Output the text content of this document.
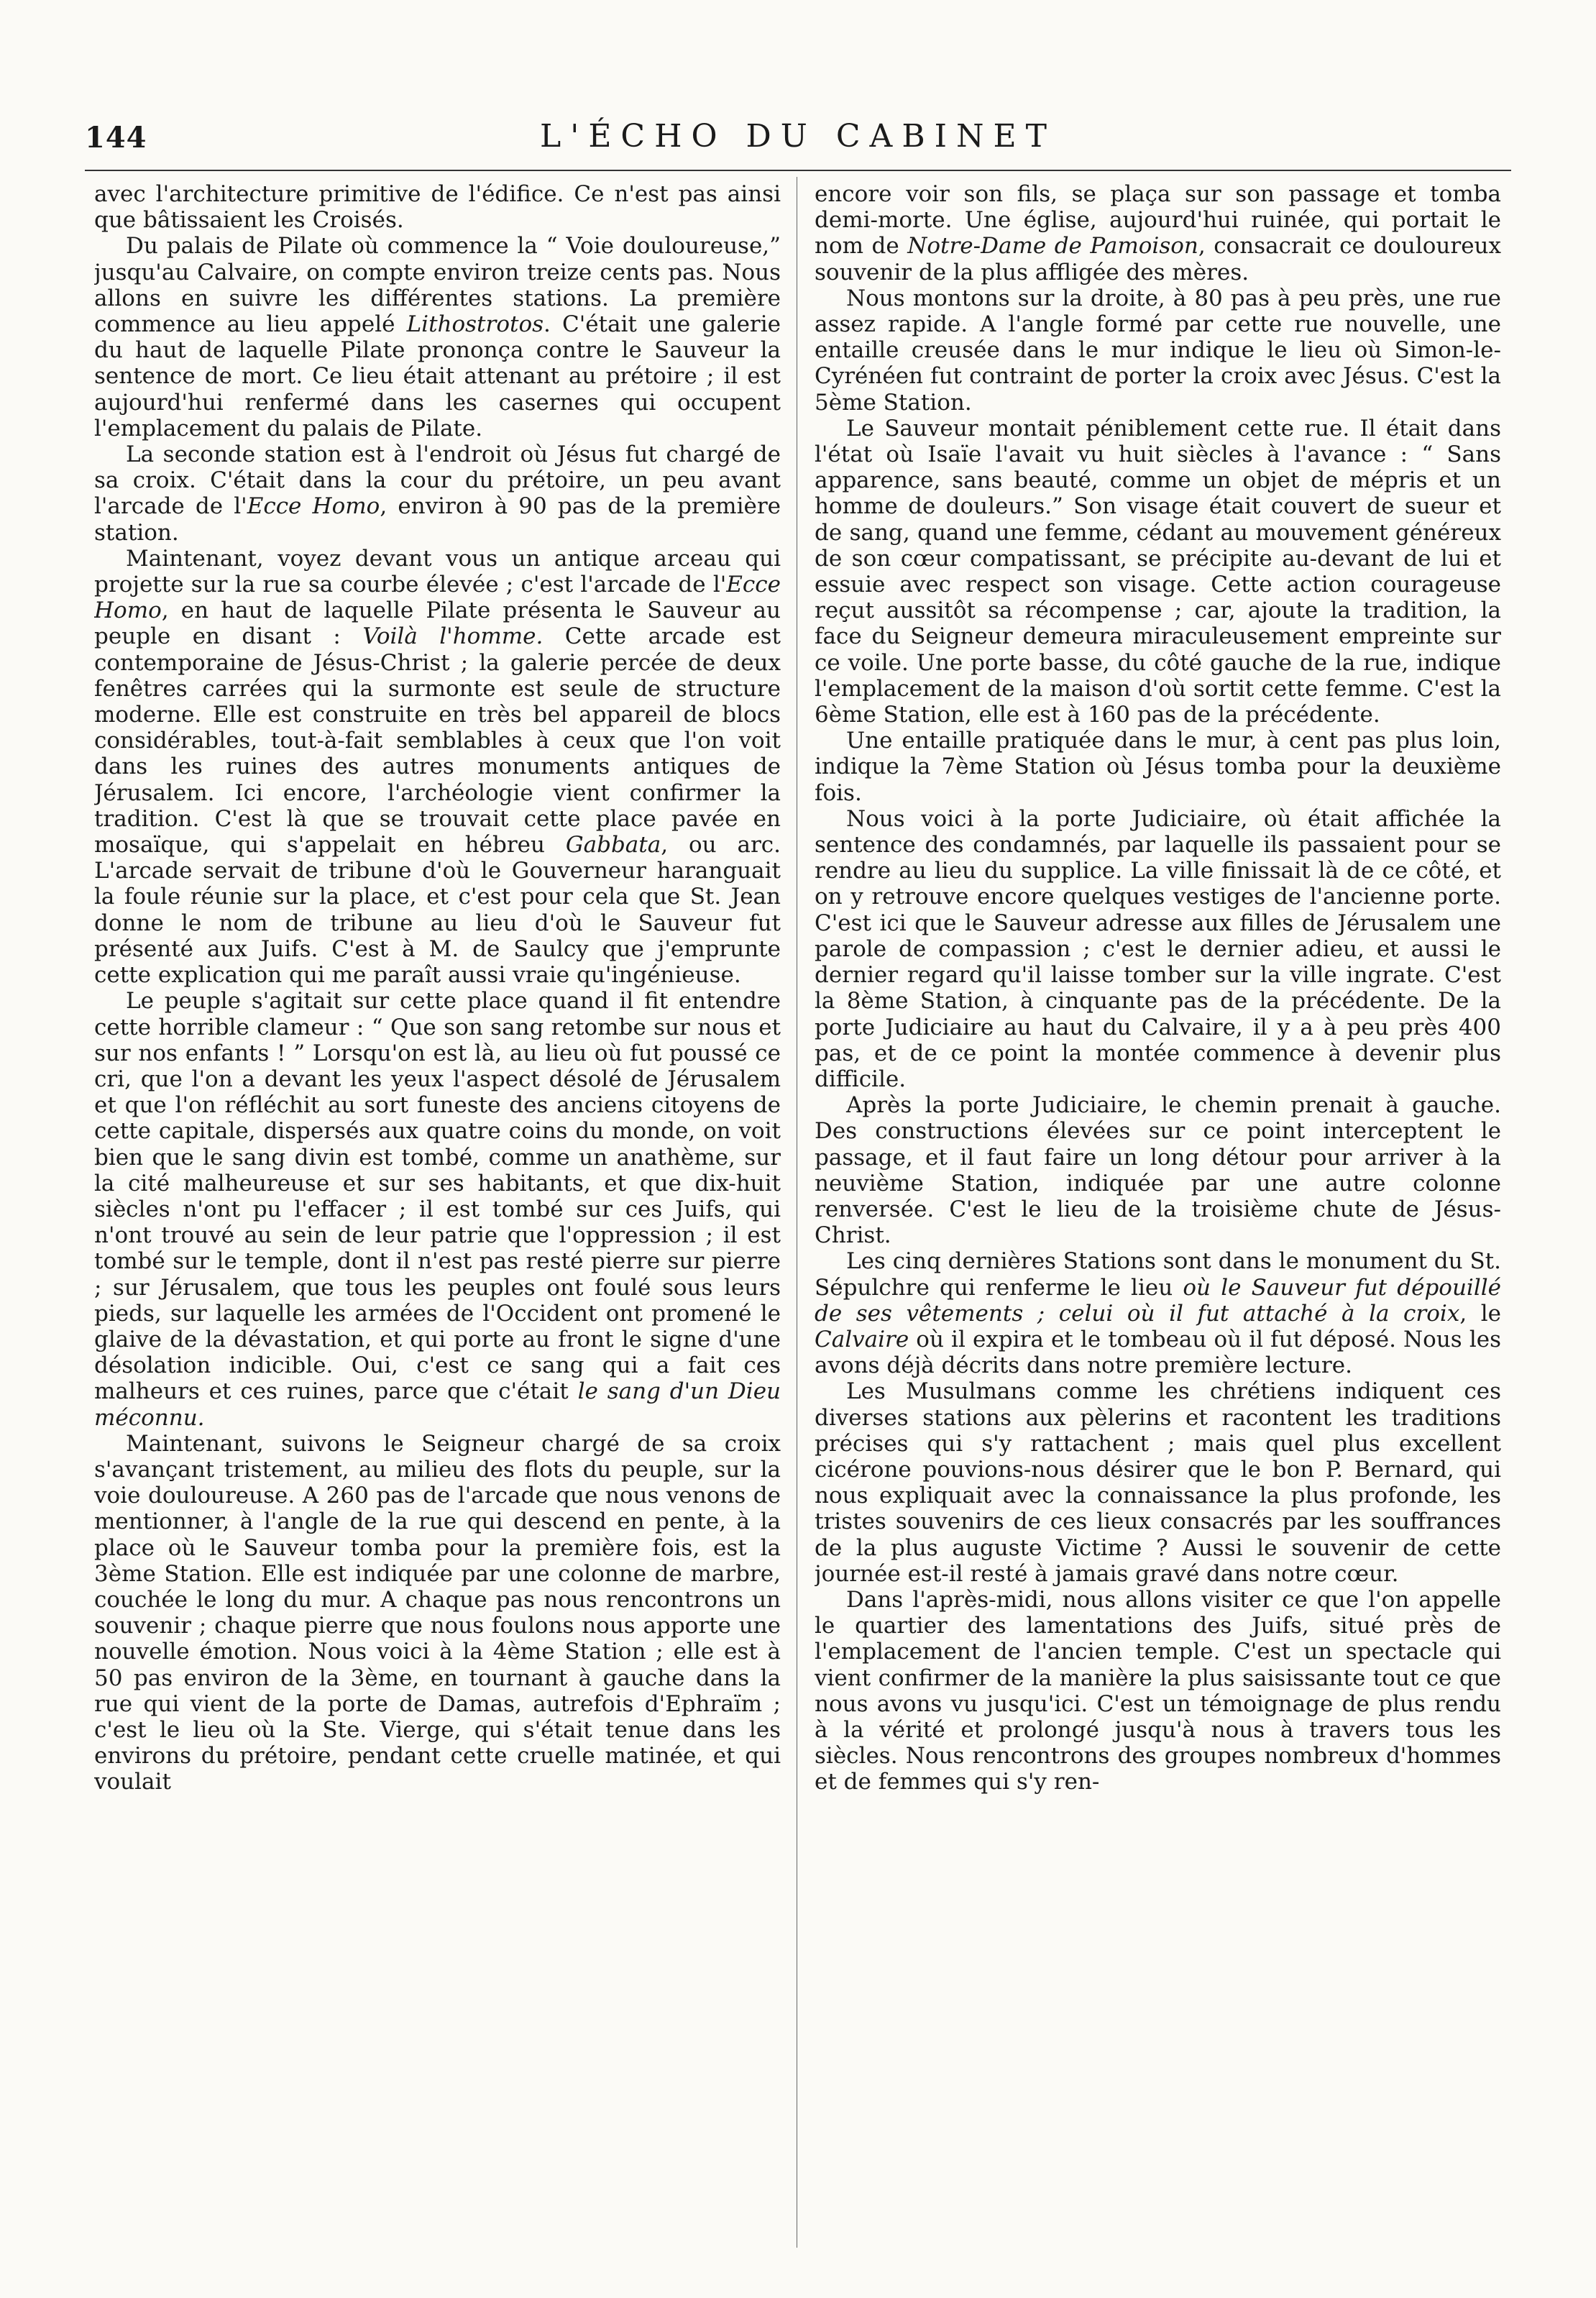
144	L'ÉCHO DU CABINET

avec l'architecture primitive de l'édifice. Ce n'est pas ainsi que bâtissaient les Croisés.

Du palais de Pilate où commence la “ Voie douloureuse,” jusqu'au Calvaire, on compte environ treize cents pas. Nous allons en suivre les différentes stations. La première commence au lieu appelé Lithostrotos. C'était une galerie du haut de laquelle Pilate prononça contre le Sauveur la sentence de mort. Ce lieu était attenant au prétoire ; il est aujourd'hui renfermé dans les casernes qui occupent l'emplacement du palais de Pilate.

La seconde station est à l'endroit où Jésus fut chargé de sa croix. C'était dans la cour du prétoire, un peu avant l'arcade de l'Ecce Homo, environ à 90 pas de la première station.

Maintenant, voyez devant vous un antique arceau qui projette sur la rue sa courbe élevée ; c'est l'arcade de l'Ecce Homo, en haut de laquelle Pilate présenta le Sauveur au peuple en disant : Voilà l'homme. Cette arcade est contemporaine de Jésus-Christ ; la galerie percée de deux fenêtres carrées qui la surmonte est seule de structure moderne. Elle est construite en très bel appareil de blocs considérables, tout-à-fait semblables à ceux que l'on voit dans les ruines des autres monuments antiques de Jérusalem. Ici encore, l'archéologie vient confirmer la tradition. C'est là que se trouvait cette place pavée en mosaïque, qui s'appelait en hébreu Gabbata, ou arc. L'arcade servait de tribune d'où le Gouverneur haranguait la foule réunie sur la place, et c'est pour cela que St. Jean donne le nom de tribune au lieu d'où le Sauveur fut présenté aux Juifs. C'est à M. de Saulcy que j'emprunte cette explication qui me paraît aussi vraie qu'ingénieuse.

Le peuple s'agitait sur cette place quand il fit entendre cette horrible clameur : “ Que son sang retombe sur nous et sur nos enfants ! ” Lorsqu'on est là, au lieu où fut poussé ce cri, que l'on a devant les yeux l'aspect désolé de Jérusalem et que l'on réfléchit au sort funeste des anciens citoyens de cette capitale, dispersés aux quatre coins du monde, on voit bien que le sang divin est tombé, comme un anathème, sur la cité malheureuse et sur ses habitants, et que dix-huit siècles n'ont pu l'effacer ; il est tombé sur ces Juifs, qui n'ont trouvé au sein de leur patrie que l'oppression ; il est tombé sur le temple, dont il n'est pas resté pierre sur pierre ; sur Jérusalem, que tous les peuples ont foulé sous leurs pieds, sur laquelle les armées de l'Occident ont promené le glaive de la dévastation, et qui porte au front le signe d'une désolation indicible. Oui, c'est ce sang qui a fait ces malheurs et ces ruines, parce que c'était le sang d'un Dieu méconnu.

Maintenant, suivons le Seigneur chargé de sa croix s'avançant tristement, au milieu des flots du peuple, sur la voie douloureuse. A 260 pas de l'arcade que nous venons de mentionner, à l'angle de la rue qui descend en pente, à la place où le Sauveur tomba pour la première fois, est la 3ème Station. Elle est indiquée par une colonne de marbre, couchée le long du mur. A chaque pas nous rencontrons un souvenir ; chaque pierre que nous foulons nous apporte une nouvelle émotion. Nous voici à la 4ème Station ; elle est à 50 pas environ de la 3ème, en tournant à gauche dans la rue qui vient de la porte de Damas, autrefois d'Ephraïm ; c'est le lieu où la Ste. Vierge, qui s'était tenue dans les environs du prétoire, pendant cette cruelle matinée, et qui voulait

encore voir son fils, se plaça sur son passage et tomba demi-morte. Une église, aujourd'hui ruinée, qui portait le nom de Notre-Dame de Pamoison, consacrait ce douloureux souvenir de la plus affligée des mères.

Nous montons sur la droite, à 80 pas à peu près, une rue assez rapide. A l'angle formé par cette rue nouvelle, une entaille creusée dans le mur indique le lieu où Simon-le-Cyrénéen fut contraint de porter la croix avec Jésus. C'est la 5ème Station.

Le Sauveur montait péniblement cette rue. Il était dans l'état où Isaïe l'avait vu huit siècles à l'avance : “ Sans apparence, sans beauté, comme un objet de mépris et un homme de douleurs.” Son visage était couvert de sueur et de sang, quand une femme, cédant au mouvement généreux de son cœur compatissant, se précipite au-devant de lui et essuie avec respect son visage. Cette action courageuse reçut aussitôt sa récompense ; car, ajoute la tradition, la face du Seigneur demeura miraculeusement empreinte sur ce voile. Une porte basse, du côté gauche de la rue, indique l'emplacement de la maison d'où sortit cette femme. C'est la 6ème Station, elle est à 160 pas de la précédente.

Une entaille pratiquée dans le mur, à cent pas plus loin, indique la 7ème Station où Jésus tomba pour la deuxième fois.

Nous voici à la porte Judiciaire, où était affichée la sentence des condamnés, par laquelle ils passaient pour se rendre au lieu du supplice. La ville finissait là de ce côté, et on y retrouve encore quelques vestiges de l'ancienne porte. C'est ici que le Sauveur adresse aux filles de Jérusalem une parole de compassion ; c'est le dernier adieu, et aussi le dernier regard qu'il laisse tomber sur la ville ingrate. C'est la 8ème Station, à cinquante pas de la précédente. De la porte Judiciaire au haut du Calvaire, il y a à peu près 400 pas, et de ce point la montée commence à devenir plus difficile.

Après la porte Judiciaire, le chemin prenait à gauche. Des constructions élevées sur ce point interceptent le passage, et il faut faire un long détour pour arriver à la neuvième Station, indiquée par une autre colonne renversée. C'est le lieu de la troisième chute de Jésus-Christ.

Les cinq dernières Stations sont dans le monument du St. Sépulchre qui renferme le lieu où le Sauveur fut dépouillé de ses vêtements ; celui où il fut attaché à la croix, le Calvaire où il expira et le tombeau où il fut déposé. Nous les avons déjà décrits dans notre première lecture.

Les Musulmans comme les chrétiens indiquent ces diverses stations aux pèlerins et racontent les traditions précises qui s'y rattachent ; mais quel plus excellent cicérone pouvions-nous désirer que le bon P. Bernard, qui nous expliquait avec la connaissance la plus profonde, les tristes souvenirs de ces lieux consacrés par les souffrances de la plus auguste Victime ? Aussi le souvenir de cette journée est-il resté à jamais gravé dans notre cœur.

Dans l'après-midi, nous allons visiter ce que l'on appelle le quartier des lamentations des Juifs, situé près de l'emplacement de l'ancien temple. C'est un spectacle qui vient confirmer de la manière la plus saisissante tout ce que nous avons vu jusqu'ici. C'est un témoignage de plus rendu à la vérité et prolongé jusqu'à nous à travers tous les siècles. Nous rencontrons des groupes nombreux d'hommes et de femmes qui s'y ren-
